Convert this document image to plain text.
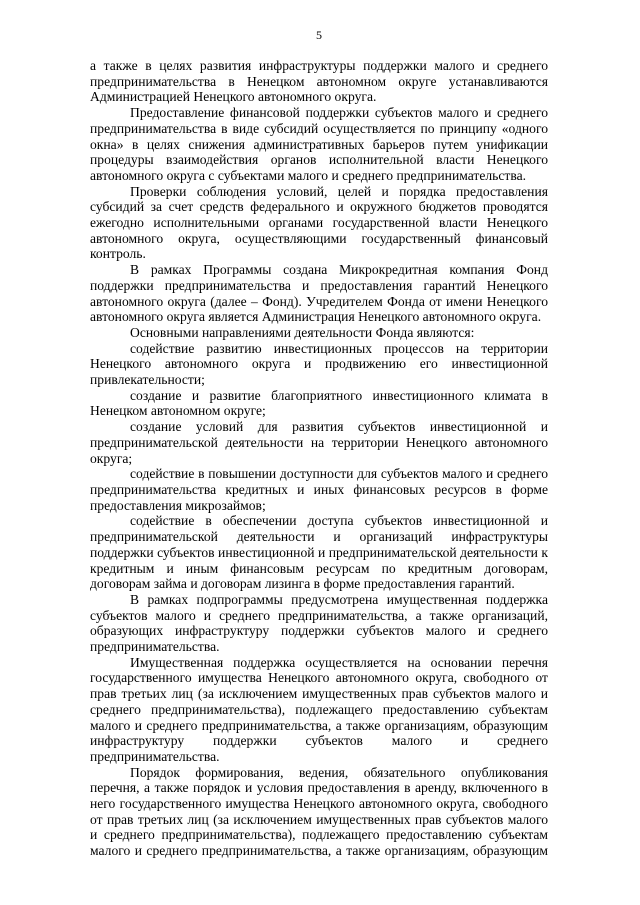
5

а также в целях развития инфраструктуры поддержки малого и среднего предпринимательства в Ненецком автономном округе устанавливаются Администрацией Ненецкого автономного округа.

Предоставление финансовой поддержки субъектов малого и среднего предпринимательства в виде субсидий осуществляется по принципу «одного окна» в целях снижения административных барьеров путем унификации процедуры взаимодействия органов исполнительной власти Ненецкого автономного округа с субъектами малого и среднего предпринимательства.

Проверки соблюдения условий, целей и порядка предоставления субсидий за счет средств федерального и окружного бюджетов проводятся ежегодно исполнительными органами государственной власти Ненецкого автономного округа, осуществляющими государственный финансовый контроль.

В рамках Программы создана Микрокредитная компания Фонд поддержки предпринимательства и предоставления гарантий Ненецкого автономного округа (далее – Фонд). Учредителем Фонда от имени Ненецкого автономного округа является Администрация Ненецкого автономного округа.

Основными направлениями деятельности Фонда являются:

содействие развитию инвестиционных процессов на территории Ненецкого автономного округа и продвижению его инвестиционной привлекательности;

создание и развитие благоприятного инвестиционного климата в Ненецком автономном округе;

создание условий для развития субъектов инвестиционной и предпринимательской деятельности на территории Ненецкого автономного округа;

содействие в повышении доступности для субъектов малого и среднего предпринимательства кредитных и иных финансовых ресурсов в форме предоставления микрозаймов;

содействие в обеспечении доступа субъектов инвестиционной и предпринимательской деятельности и организаций инфраструктуры поддержки субъектов инвестиционной и предпринимательской деятельности к кредитным и иным финансовым ресурсам по кредитным договорам, договорам займа и договорам лизинга в форме предоставления гарантий.

В рамках подпрограммы предусмотрена имущественная поддержка субъектов малого и среднего предпринимательства, а также организаций, образующих инфраструктуру поддержки субъектов малого и среднего предпринимательства.

Имущественная поддержка осуществляется на основании перечня государственного имущества Ненецкого автономного округа, свободного от прав третьих лиц (за исключением имущественных прав субъектов малого и среднего предпринимательства), подлежащего предоставлению субъектам малого и среднего предпринимательства, а также организациям, образующим инфраструктуру поддержки субъектов малого и среднего предпринимательства.

Порядок формирования, ведения, обязательного опубликования перечня, а также порядок и условия предоставления в аренду, включенного в него государственного имущества Ненецкого автономного округа, свободного от прав третьих лиц (за исключением имущественных прав субъектов малого и среднего предпринимательства), подлежащего предоставлению субъектам малого и среднего предпринимательства, а также организациям, образующим
